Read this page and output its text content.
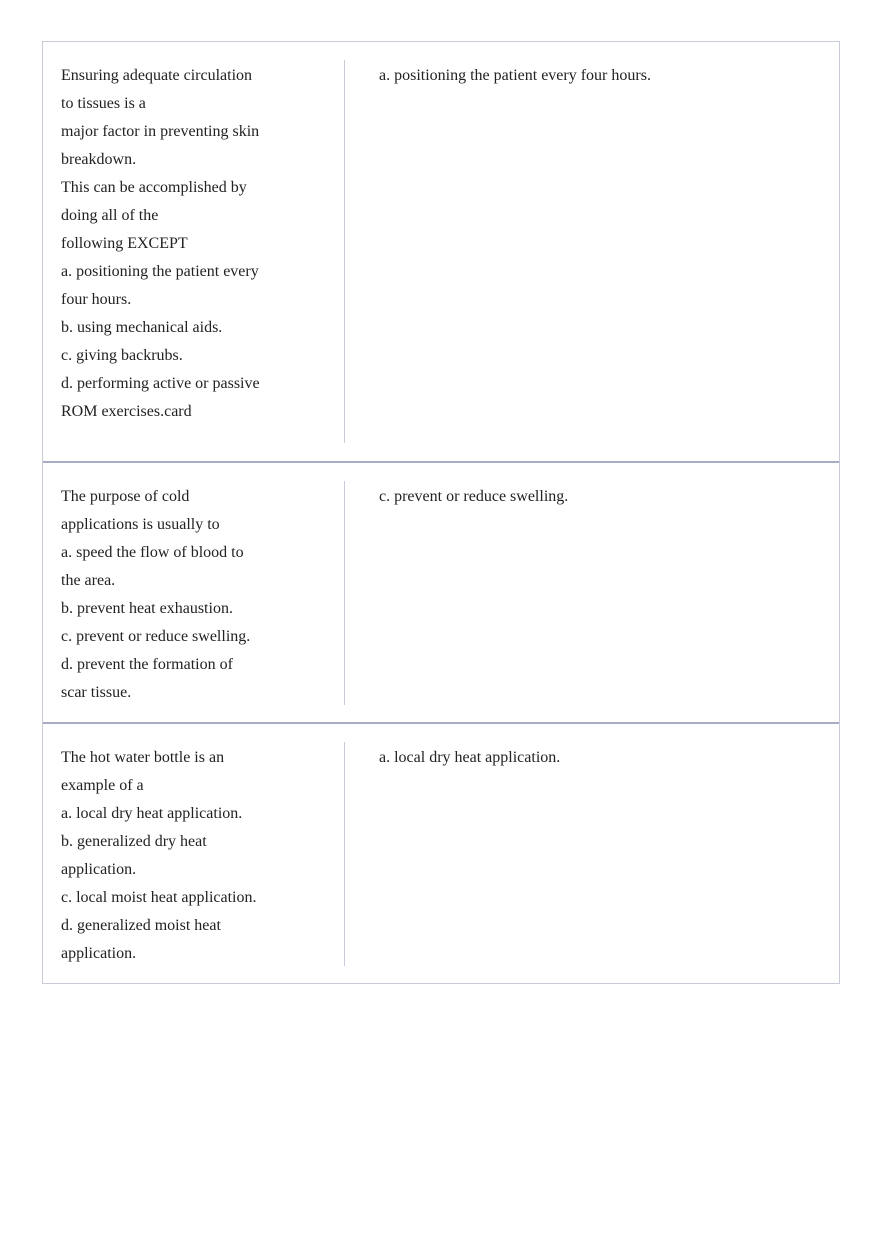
Ensuring adequate circulation
to tissues is a
major factor in preventing skin
breakdown.
This can be accomplished by
doing all of the
following EXCEPT
a. positioning the patient every
four hours.
b. using mechanical aids.
c. giving backrubs.
d. performing active or passive
ROM exercises.card
a. positioning the patient every four hours.
The purpose of cold
applications is usually to
a. speed the flow of blood to
the area.
b. prevent heat exhaustion.
c. prevent or reduce swelling.
d. prevent the formation of
scar tissue.
c. prevent or reduce swelling.
The hot water bottle is an
example of a
a. local dry heat application.
b. generalized dry heat
application.
c. local moist heat application.
d. generalized moist heat
application.
a. local dry heat application.
